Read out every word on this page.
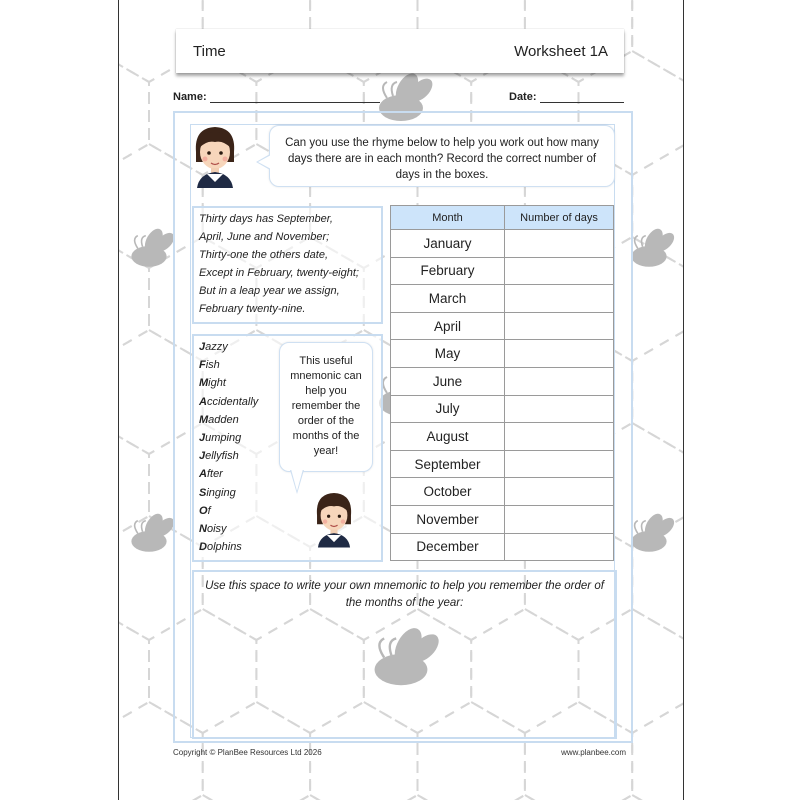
Time	Worksheet 1A
Name:	Date:
Can you use the rhyme below to help you work out how many days there are in each month? Record the correct number of days in the boxes.
Thirty days has September,
April, June and November;
Thirty-one the others date,
Except in February, twenty-eight;
But in a leap year we assign,
February twenty-nine.
Jazzy
Fish
Might
Accidentally
Madden
Jumping
Jellyfish
After
Singing
Of
Noisy
Dolphins
This useful mnemonic can help you remember the order of the months of the year!
Month	Number of days
January	
February	
March	
April	
May	
June	
July	
August	
September	
October	
November	
December	
Use this space to write your own mnemonic to help you remember the order of the months of the year:
Copyright © PlanBee Resources Ltd 2026	www.planbee.com
